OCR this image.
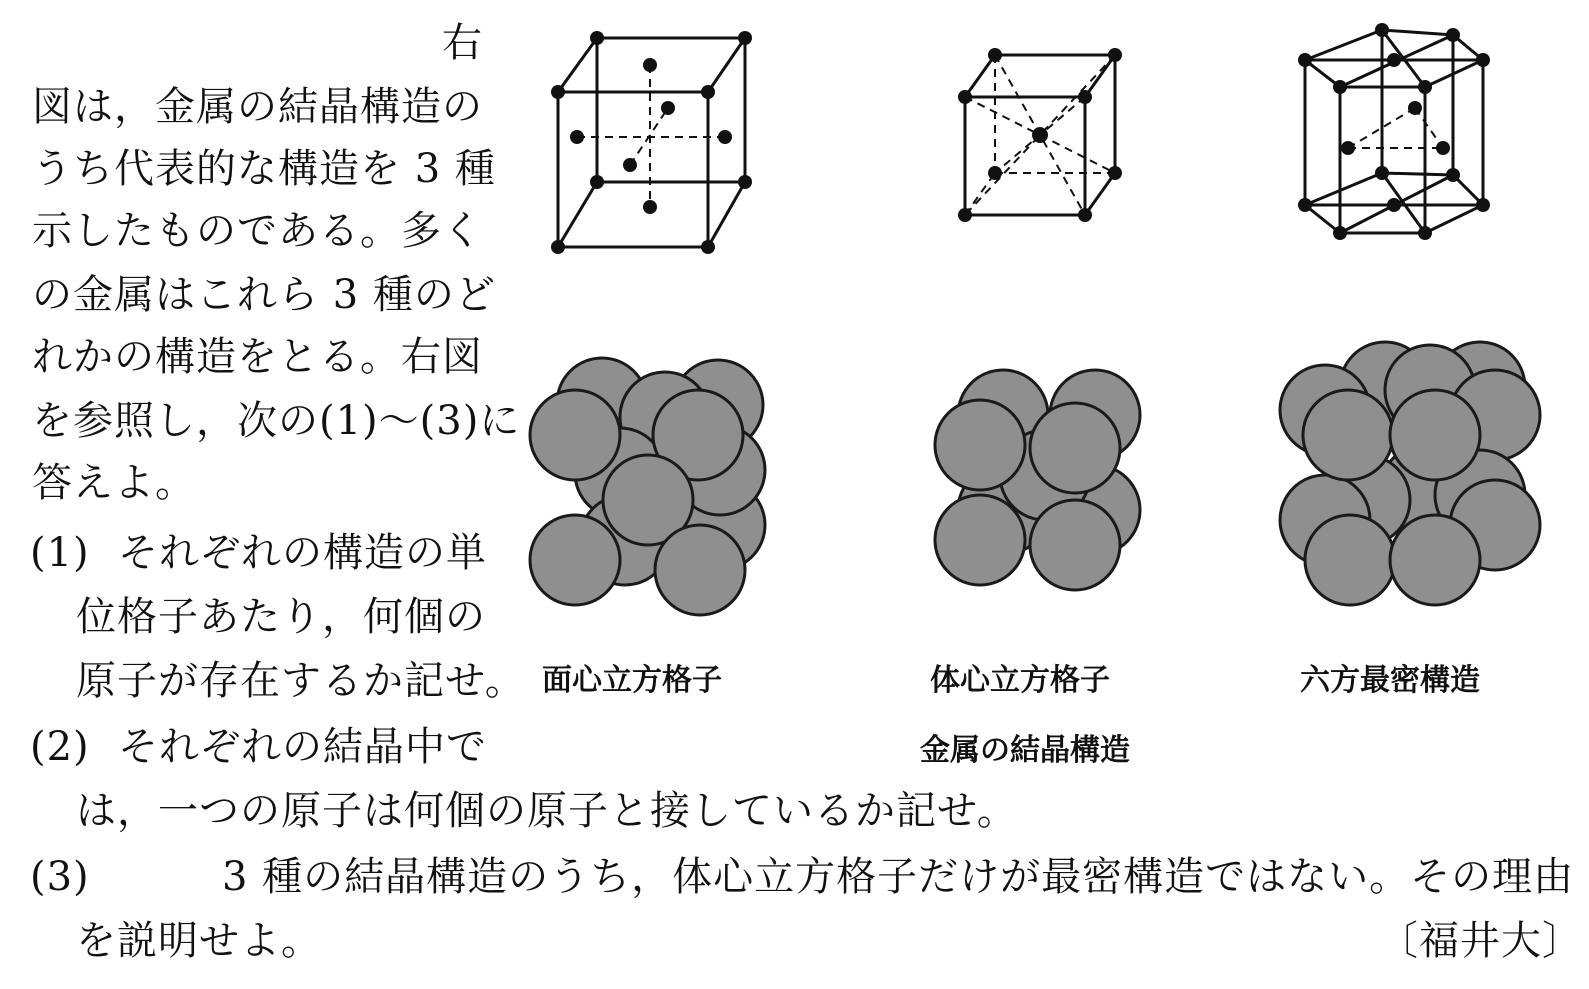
右
図は，金属の結晶構造の
うち代表的な構造を 3 種
示したものである。多く
の金属はこれら 3 種のど
れかの構造をとる。右図
を参照し，次の(1)～(3)に
答えよ。
(1) それぞれの構造の単
位格子あたり，何個の
原子が存在するか記せ。
(2) それぞれの結晶中で
は，一つの原子は何個の原子と接しているか記せ。
(3)	3 種の結晶構造のうち，体心立方格子だけが最密構造ではない。その理由
を説明せよ。	〔福井大〕
面心立方格子	体心立方格子	六方最密構造
金属の結晶構造
